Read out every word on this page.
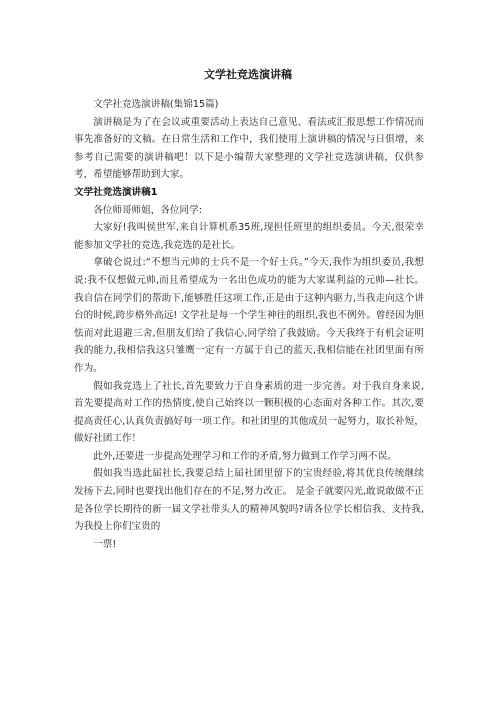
文学社竞选演讲稿

文学社竞选演讲稿(集锦15篇)

演讲稿是为了在会议或重要活动上表达自己意见、看法或汇报思想工作情况而事先准备好的文稿。在日常生活和工作中，我们使用上演讲稿的情况与日俱增，来参考自己需要的演讲稿吧！以下是小编帮大家整理的文学社竞选演讲稿，仅供参考，希望能够帮助到大家。

文学社竞选演讲稿1

各位师哥师姐，各位同学:

大家好!我叫侯世军,来自计算机系35班,现担任班里的组织委员。今天,很荣幸能参加文学社的竞选,我竞选的是社长。

拿破仑说过:“不想当元帅的士兵不是一个好士兵。”今天,我作为组织委员,我想说:我不仅想做元帅,而且希望成为一名出色成功的能为大家谋利益的元帅—社长。我自信在同学们的帮助下,能够胜任这项工作,正是由于这种内驱力,当我走向这个讲台的时候,跨步格外高远! 文学社是每一个学生神往的组织,我也不例外。曾经因为胆怯而对此退避三舍,但朋友们给了我信心,同学给了我鼓励。今天我终于有机会证明我的能力,我相信我这只雏鹰一定有一方属于自己的蓝天,我相信能在社团里面有所作为。

假如我竞选上了社长,首先要致力于自身素质的进一步完善。对于我自身来说,首先要提高对工作的热情度,使自己始终以一颗积极的心态面对各种工作。其次,要提高责任心,认真负责搞好每一项工作。和社团里的其他成员一起努力，取长补短，做好社团工作！

此外,还要进一步提高处理学习和工作的矛盾,努力做到工作学习两不误。

假如我当选此届社长,我要总结上届社团里留下的宝贵经验,将其优良传统继续发扬下去,同时也要找出他们存在的不足,努力改正。 是金子就要闪光,敢说敢做不正是各位学长期待的新一届文学社带头人的精神风貌吗?请各位学长相信我、支持我,为我投上你们宝贵的

一票!
